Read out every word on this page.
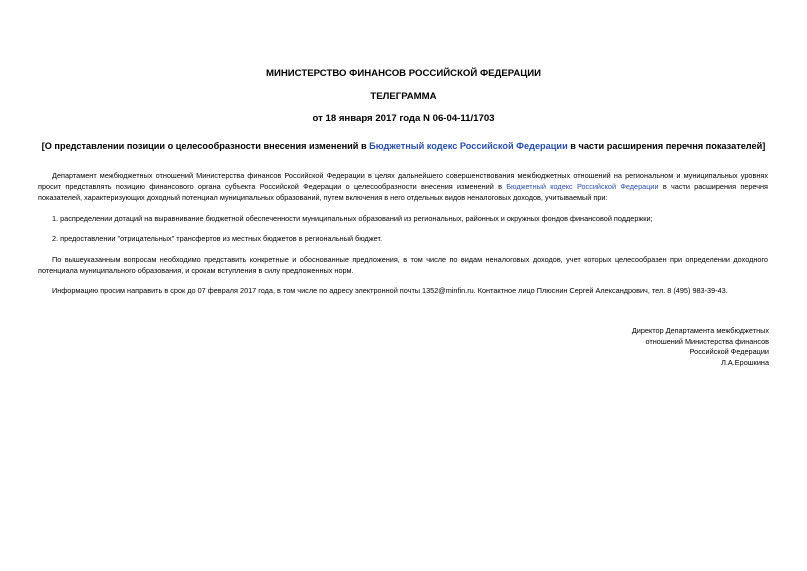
МИНИСТЕРСТВО ФИНАНСОВ РОССИЙСКОЙ ФЕДЕРАЦИИ
ТЕЛЕГРАММА
от 18 января 2017 года N 06-04-11/1703
[О представлении позиции о целесообразности внесения изменений в Бюджетный кодекс Российской Федерации в части расширения перечня показателей]
Департамент межбюджетных отношений Министерства финансов Российской Федерации в целях дальнейшего совершенствования межбюджетных отношений на региональном и муниципальных уровнях просит представлять позицию финансового органа субъекта Российской Федерации о целесообразности внесения изменений в Бюджетный кодекс Российской Федерации в части расширения перечня показателей, характеризующих доходный потенциал муниципальных образований, путем включения в него отдельных видов неналоговых доходов, учитываемый при:
1. распределении дотаций на выравнивание бюджетной обеспеченности муниципальных образований из региональных, районных и окружных фондов финансовой поддержки;
2. предоставлении "отрицательных" трансфертов из местных бюджетов в региональный бюджет.
По вышеуказанным вопросам необходимо представить конкретные и обоснованные предложения, в том числе по видам неналоговых доходов, учет которых целесообразен при определении доходного потенциала муниципального образования, и срокам вступления в силу предложенных норм.
Информацию просим направить в срок до 07 февраля 2017 года, в том числе по адресу электронной почты 1352@minfin.ru. Контактное лицо Плюснин Сергей Александрович, тел. 8 (495) 983-39-43.
Директор Департамента межбюджетных
отношений Министерства финансов
Российской Федерации
Л.А.Ерошкина
